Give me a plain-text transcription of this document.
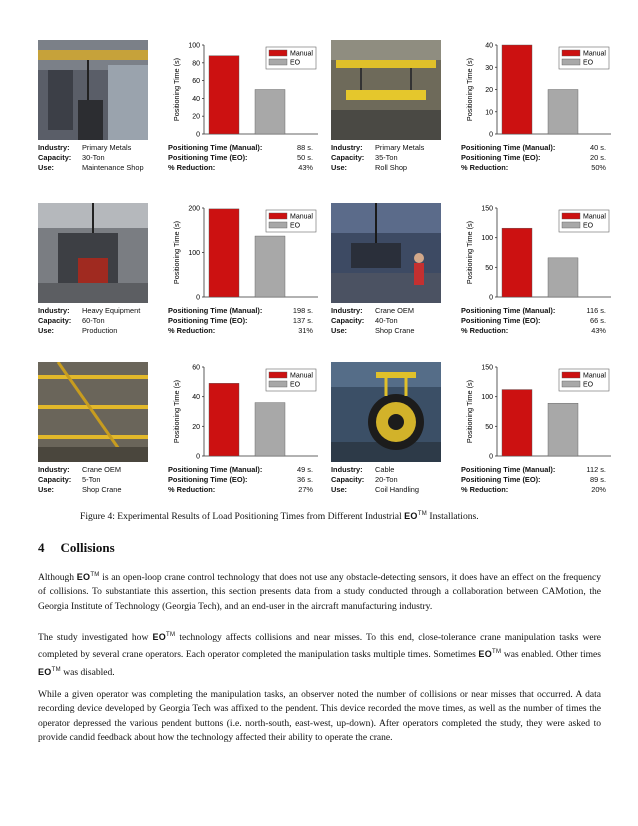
Positioning Time (s)
0
20
40
60
80
100
Manual
EO
Industry:	Primary Metals
Capacity:	30-Ton
Use:	Maintenance Shop
Positioning Time (Manual):	88 s.
Positioning Time (EO):	50 s.
% Reduction:	43%
Positioning Time (s)
0
10
20
30
40
Manual
EO
Industry:	Primary Metals
Capacity:	35-Ton
Use:	Roll Shop
Positioning Time (Manual):	40 s.
Positioning Time (EO):	20 s.
% Reduction:	50%
Positioning Time (s)
0
100
200
Manual
EO
Industry:	Heavy Equipment
Capacity:	60-Ton
Use:	Production
Positioning Time (Manual):	198 s.
Positioning Time (EO):	137 s.
% Reduction:	31%
Positioning Time (s)
0
50
100
150
Manual
EO
Industry:	Crane OEM
Capacity:	40-Ton
Use:	Shop Crane
Positioning Time (Manual):	116 s.
Positioning Time (EO):	66 s.
% Reduction:	43%
Positioning Time (s)
0
20
40
60
Manual
EO
Industry:	Crane OEM
Capacity:	5-Ton
Use:	Shop Crane
Positioning Time (Manual):	49 s.
Positioning Time (EO):	36 s.
% Reduction:	27%
Positioning Time (s)
0
50
100
150
Manual
EO
Industry:	Cable
Capacity:	20-Ton
Use:	Coil Handling
Positioning Time (Manual):	112 s.
Positioning Time (EO):	89 s.
% Reduction:	20%
Figure 4: Experimental Results of Load Positioning Times from Different Industrial EO™ Installations.
4 Collisions

Although EO™ is an open-loop crane control technology that does not use any obstacle-detecting sensors, it does have an effect on the frequency of collisions. To substantiate this assertion, this section presents data from a study conducted through a collaboration between CAMotion, the Georgia Institute of Technology (Georgia Tech), and an end-user in the aircraft manufacturing industry.

The study investigated how EO™ technology affects collisions and near misses. To this end, close-tolerance crane manipulation tasks were completed by several crane operators. Each operator completed the manipulation tasks multiple times. Sometimes EO™ was enabled. Other times EO™ was disabled.

While a given operator was completing the manipulation tasks, an observer noted the number of collisions or near misses that occurred. A data recording device developed by Georgia Tech was affixed to the pendent. This device recorded the move times, as well as the number of times the operator depressed the various pendent buttons (i.e. north-south, east-west, up-down). After operators completed the study, they were asked to provide candid feedback about how the technology affected their ability to operate the crane.
